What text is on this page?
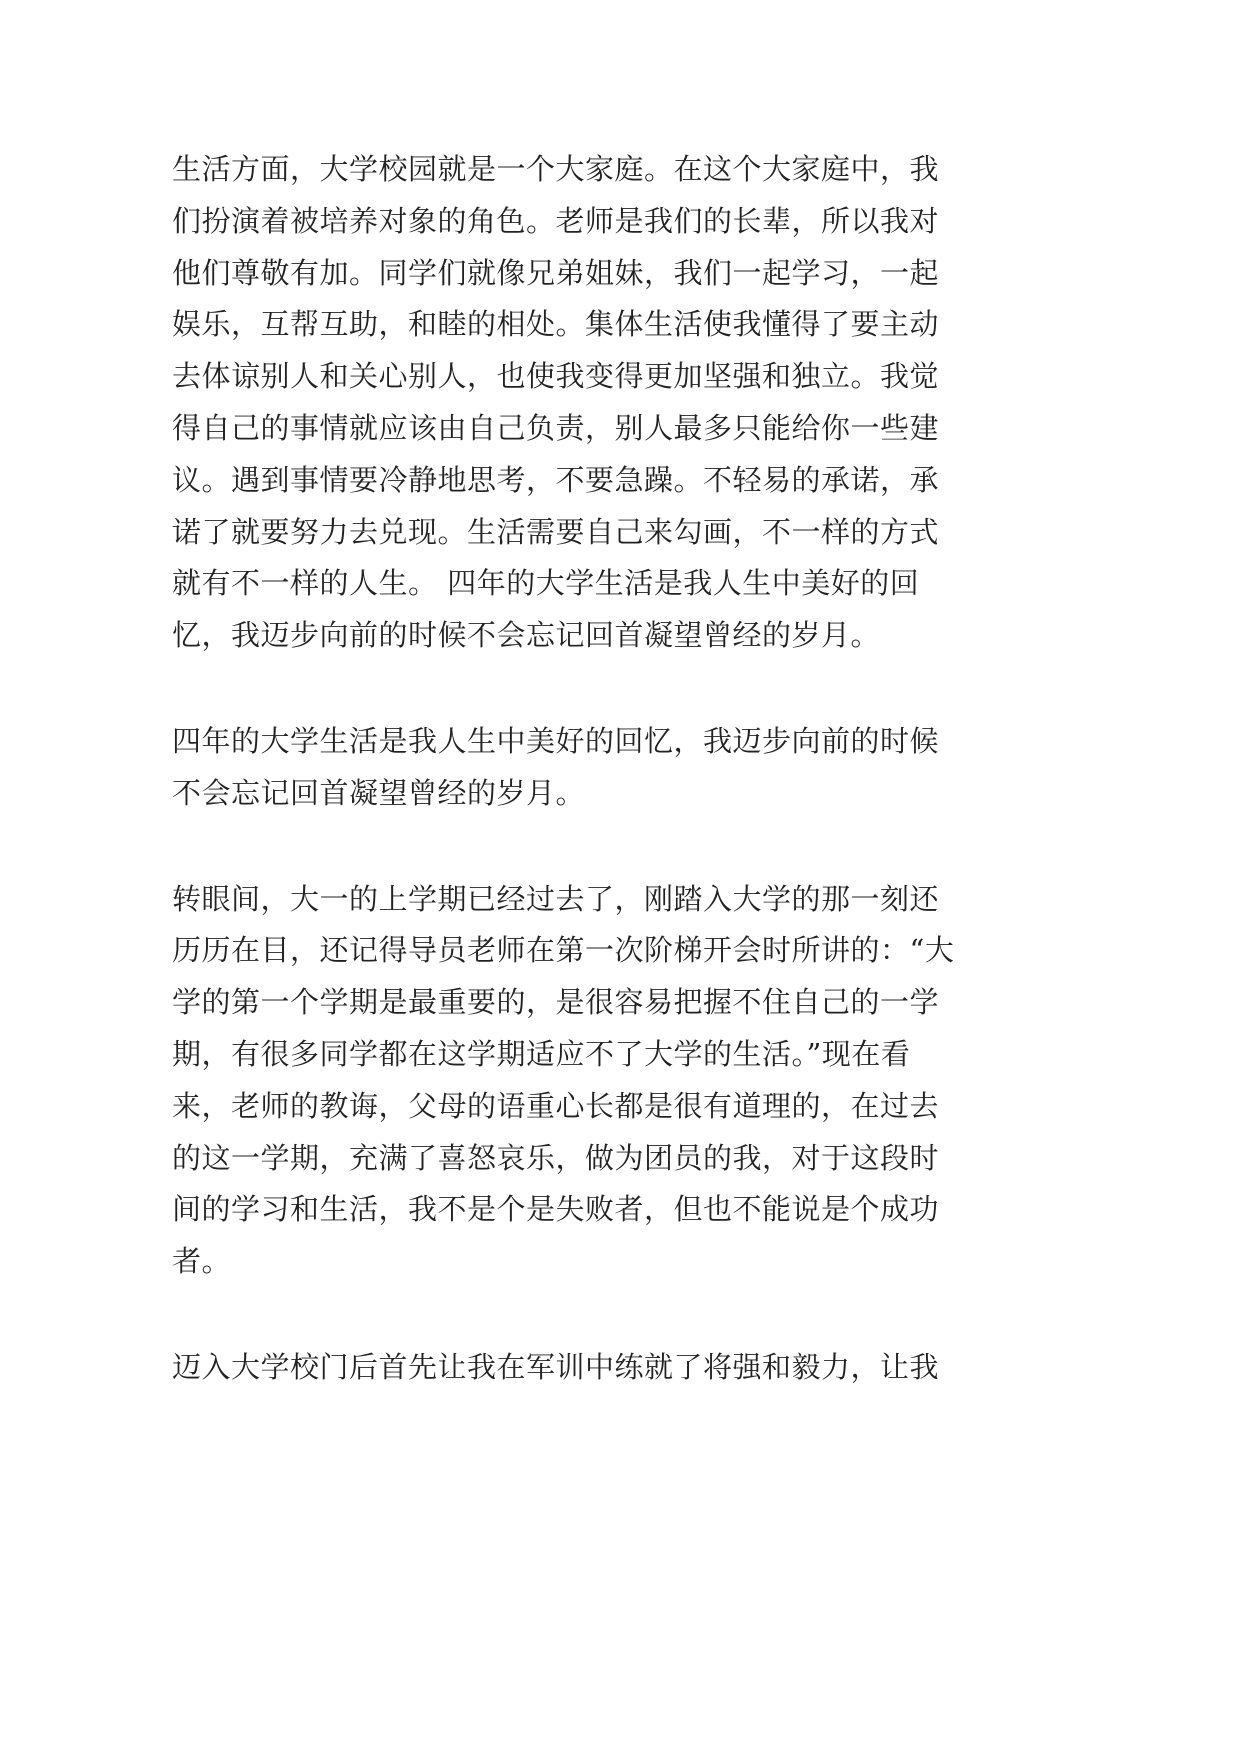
生活方面，大学校园就是一个大家庭。在这个大家庭中，我
们扮演着被培养对象的角色。老师是我们的长辈，所以我对
他们尊敬有加。同学们就像兄弟姐妹，我们一起学习，一起
娱乐，互帮互助，和睦的相处。集体生活使我懂得了要主动
去体谅别人和关心别人，也使我变得更加坚强和独立。我觉
得自己的事情就应该由自己负责，别人最多只能给你一些建
议。遇到事情要冷静地思考，不要急躁。不轻易的承诺，承
诺了就要努力去兑现。生活需要自己来勾画，不一样的方式
就有不一样的人生。 四年的大学生活是我人生中美好的回
忆，我迈步向前的时候不会忘记回首凝望曾经的岁月。
四年的大学生活是我人生中美好的回忆，我迈步向前的时候
不会忘记回首凝望曾经的岁月。
转眼间，大一的上学期已经过去了，刚踏入大学的那一刻还
历历在目，还记得导员老师在第一次阶梯开会时所讲的：“大
学的第一个学期是最重要的，是很容易把握不住自己的一学
期，有很多同学都在这学期适应不了大学的生活。”现在看
来，老师的教诲，父母的语重心长都是很有道理的，在过去
的这一学期，充满了喜怒哀乐，做为团员的我，对于这段时
间的学习和生活，我不是个是失败者，但也不能说是个成功
者。
迈入大学校门后首先让我在军训中练就了将强和毅力，让我
